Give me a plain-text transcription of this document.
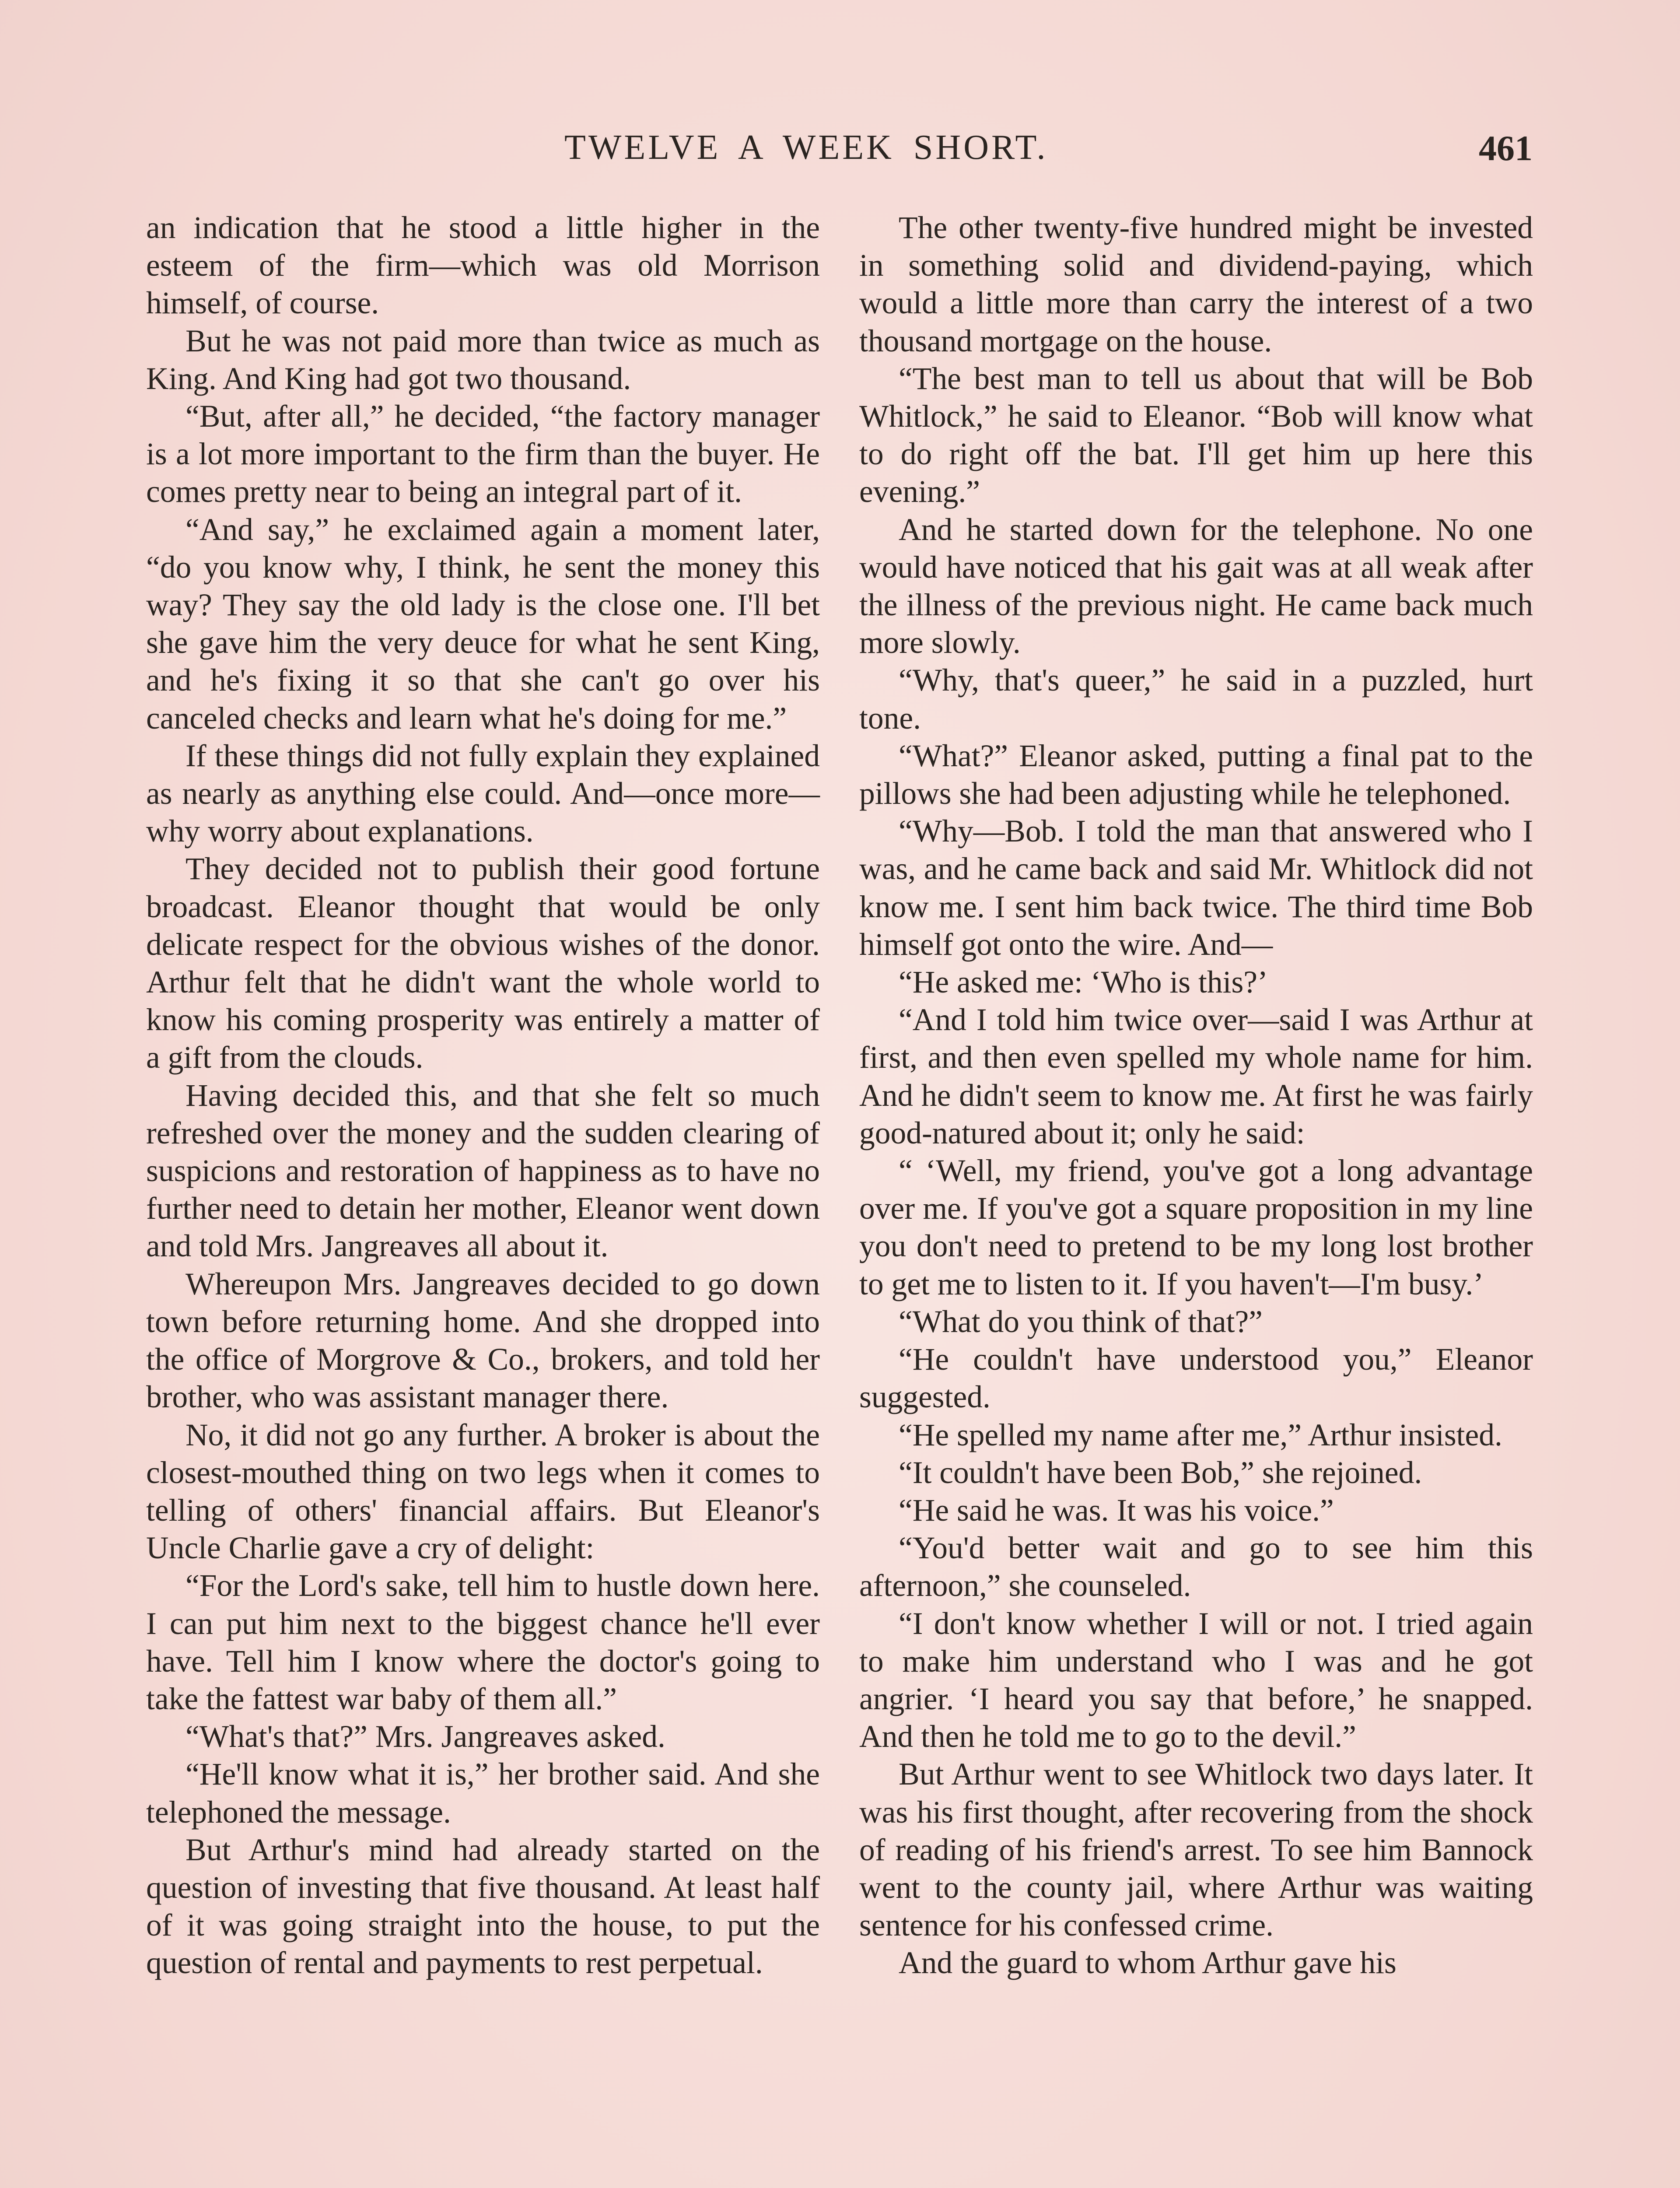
TWELVE A WEEK SHORT.	461

an indication that he stood a little higher in the esteem of the firm—which was old Morrison himself, of course.

But he was not paid more than twice as much as King. And King had got two thousand.

“But, after all,” he decided, “the factory manager is a lot more important to the firm than the buyer. He comes pretty near to being an integral part of it.

“And say,” he exclaimed again a moment later, “do you know why, I think, he sent the money this way? They say the old lady is the close one. I'll bet she gave him the very deuce for what he sent King, and he's fixing it so that she can't go over his canceled checks and learn what he's doing for me.”

If these things did not fully explain they explained as nearly as anything else could. And—once more—why worry about explanations.

They decided not to publish their good fortune broadcast. Eleanor thought that would be only delicate respect for the obvious wishes of the donor. Arthur felt that he didn't want the whole world to know his coming prosperity was entirely a matter of a gift from the clouds.

Having decided this, and that she felt so much refreshed over the money and the sudden clearing of suspicions and restoration of happiness as to have no further need to detain her mother, Eleanor went down and told Mrs. Jangreaves all about it.

Whereupon Mrs. Jangreaves decided to go down town before returning home. And she dropped into the office of Morgrove & Co., brokers, and told her brother, who was assistant manager there.

No, it did not go any further. A broker is about the closest-mouthed thing on two legs when it comes to telling of others' financial affairs. But Eleanor's Uncle Charlie gave a cry of delight:

“For the Lord's sake, tell him to hustle down here. I can put him next to the biggest chance he'll ever have. Tell him I know where the doctor's going to take the fattest war baby of them all.”

“What's that?” Mrs. Jangreaves asked.

“He'll know what it is,” her brother said. And she telephoned the message.

But Arthur's mind had already started on the question of investing that five thousand. At least half of it was going straight into the house, to put the question of rental and payments to rest perpetual.

The other twenty-five hundred might be invested in something solid and dividend-paying, which would a little more than carry the interest of a two thousand mortgage on the house.

“The best man to tell us about that will be Bob Whitlock,” he said to Eleanor. “Bob will know what to do right off the bat. I'll get him up here this evening.”

And he started down for the telephone. No one would have noticed that his gait was at all weak after the illness of the previous night. He came back much more slowly.

“Why, that's queer,” he said in a puzzled, hurt tone.

“What?” Eleanor asked, putting a final pat to the pillows she had been adjusting while he telephoned.

“Why—Bob. I told the man that answered who I was, and he came back and said Mr. Whitlock did not know me. I sent him back twice. The third time Bob himself got onto the wire. And—

“He asked me: ‘Who is this?’

“And I told him twice over—said I was Arthur at first, and then even spelled my whole name for him. And he didn't seem to know me. At first he was fairly good-natured about it; only he said:

“ ‘Well, my friend, you've got a long advantage over me. If you've got a square proposition in my line you don't need to pretend to be my long lost brother to get me to listen to it. If you haven't—I'm busy.’

“What do you think of that?”

“He couldn't have understood you,” Eleanor suggested.

“He spelled my name after me,” Arthur insisted.

“It couldn't have been Bob,” she rejoined.

“He said he was. It was his voice.”

“You'd better wait and go to see him this afternoon,” she counseled.

“I don't know whether I will or not. I tried again to make him understand who I was and he got angrier. ‘I heard you say that before,’ he snapped. And then he told me to go to the devil.”

But Arthur went to see Whitlock two days later. It was his first thought, after recovering from the shock of reading of his friend's arrest. To see him Bannock went to the county jail, where Arthur was waiting sentence for his confessed crime.

And the guard to whom Arthur gave his
